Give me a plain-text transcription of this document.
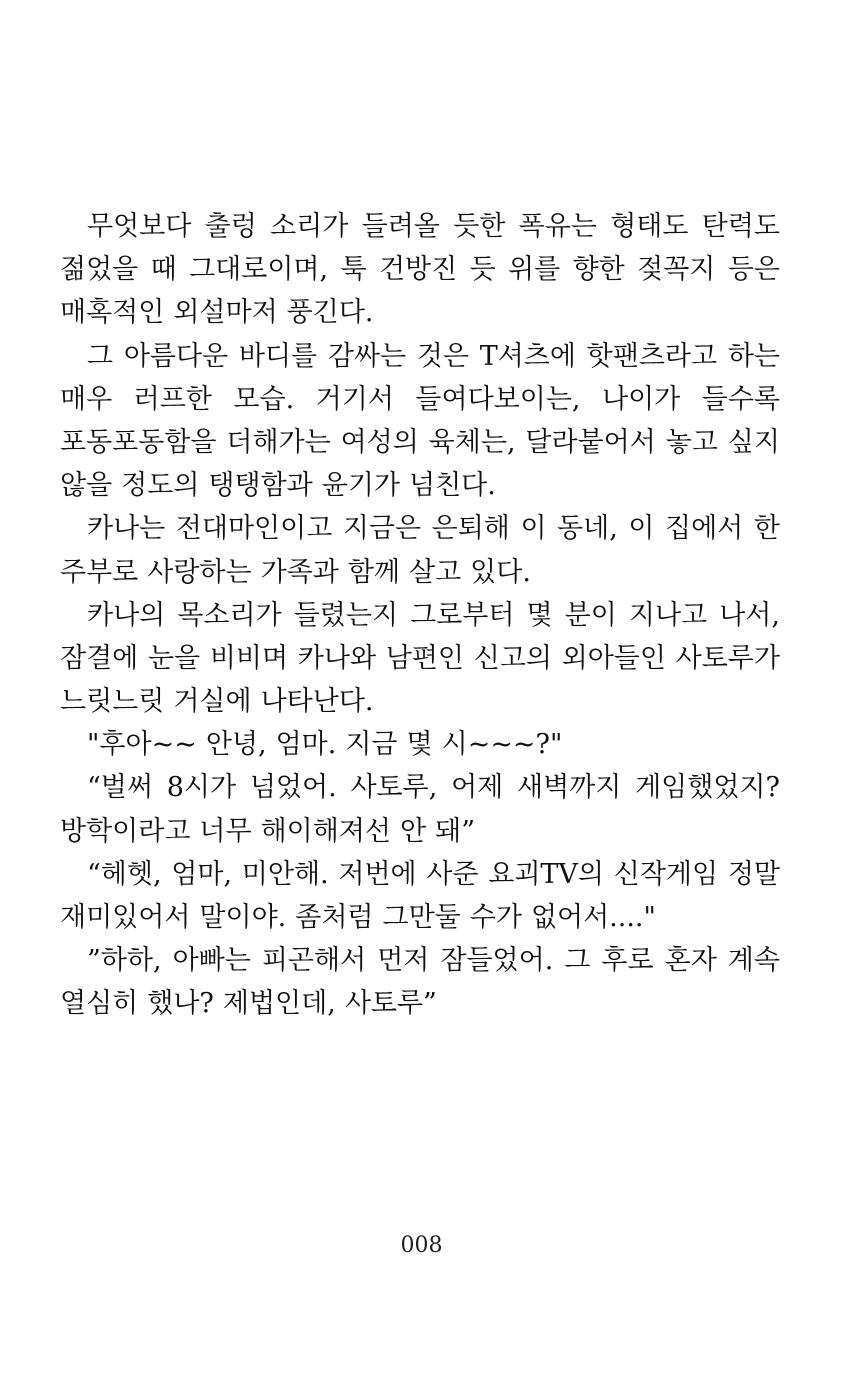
무엇보다 출렁 소리가 들려올 듯한 폭유는 형태도 탄력도
젊었을 때 그대로이며, 툭 건방진 듯 위를 향한 젖꼭지 등은
매혹적인 외설마저 풍긴다.
그 아름다운 바디를 감싸는 것은 T셔츠에 핫팬츠라고 하는
매우 러프한 모습. 거기서 들여다보이는, 나이가 들수록
포동포동함을 더해가는 여성의 육체는, 달라붙어서 놓고 싶지
않을 정도의 탱탱함과 윤기가 넘친다.
카나는 전대마인이고 지금은 은퇴해 이 동네, 이 집에서 한
주부로 사랑하는 가족과 함께 살고 있다.
카나의 목소리가 들렸는지 그로부터 몇 분이 지나고 나서,
잠결에 눈을 비비며 카나와 남편인 신고의 외아들인 사토루가
느릿느릿 거실에 나타난다.
"후아~~ 안녕, 엄마. 지금 몇 시~~~?"
“벌써 8시가 넘었어. 사토루, 어제 새벽까지 게임했었지?
방학이라고 너무 해이해져선 안 돼”
“헤헷, 엄마, 미안해. 저번에 사준 요괴TV의 신작게임 정말
재미있어서 말이야. 좀처럼 그만둘 수가 없어서...."
”하하, 아빠는 피곤해서 먼저 잠들었어. 그 후로 혼자 계속
열심히 했나? 제법인데, 사토루”
008
